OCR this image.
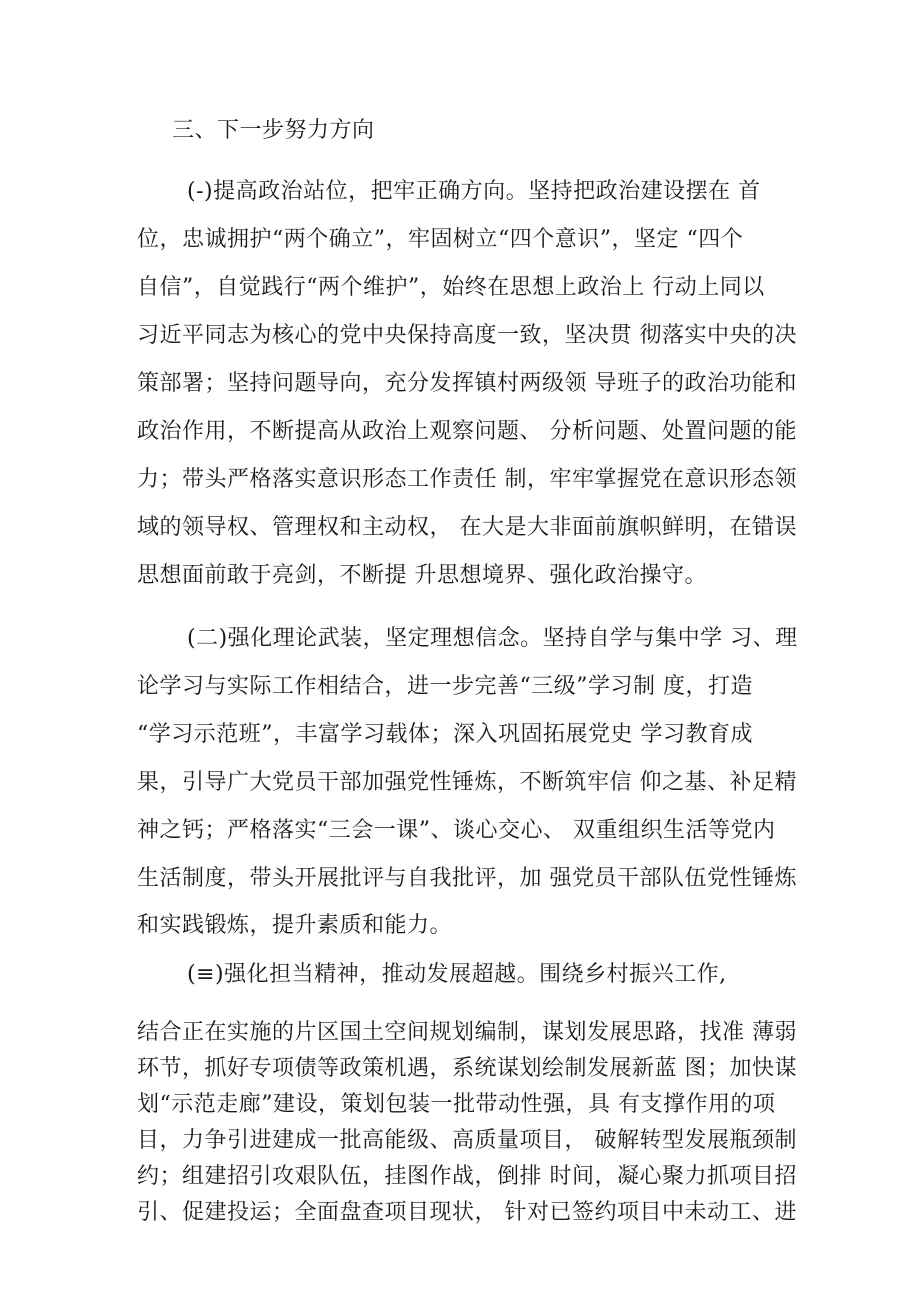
三、下一步努力方向
(-)提高政治站位，把牢正确方向。坚持把政治建设摆在 首
位，忠诚拥护“两个确立”，牢固树立“四个意识”，坚定 “四个
自信”，自觉践行“两个维护”，始终在思想上政治上 行动上同以
习近平同志为核心的党中央保持高度一致，坚决贯 彻落实中央的决
策部署；坚持问题导向，充分发挥镇村两级领 导班子的政治功能和
政治作用，不断提高从政治上观察问题、 分析问题、处置问题的能
力；带头严格落实意识形态工作责任 制，牢牢掌握党在意识形态领
域的领导权、管理权和主动权， 在大是大非面前旗帜鲜明，在错误
思想面前敢于亮剑，不断提 升思想境界、强化政治操守。
(二)强化理论武装，坚定理想信念。坚持自学与集中学 习、理
论学习与实际工作相结合，进一步完善“三级”学习制 度，打造
“学习示范班”，丰富学习载体；深入巩固拓展党史 学习教育成
果，引导广大党员干部加强党性锤炼，不断筑牢信 仰之基、补足精
神之钙；严格落实“三会一课”、谈心交心、 双重组织生活等党内
生活制度，带头开展批评与自我批评，加 强党员干部队伍党性锤炼
和实践锻炼，提升素质和能力。
(≡)强化担当精神，推动发展超越。围绕乡村振兴工作,
结合正在实施的片区国土空间规划编制，谋划发展思路，找准 薄弱
环节，抓好专项债等政策机遇，系统谋划绘制发展新蓝 图；加快谋
划“示范走廊”建设，策划包装一批带动性强，具 有支撑作用的项
目，力争引进建成一批高能级、高质量项目， 破解转型发展瓶颈制
约；组建招引攻艰队伍，挂图作战，倒排 时间，凝心聚力抓项目招
引、促建投运；全面盘查项目现状， 针对已签约项目中未动工、进
